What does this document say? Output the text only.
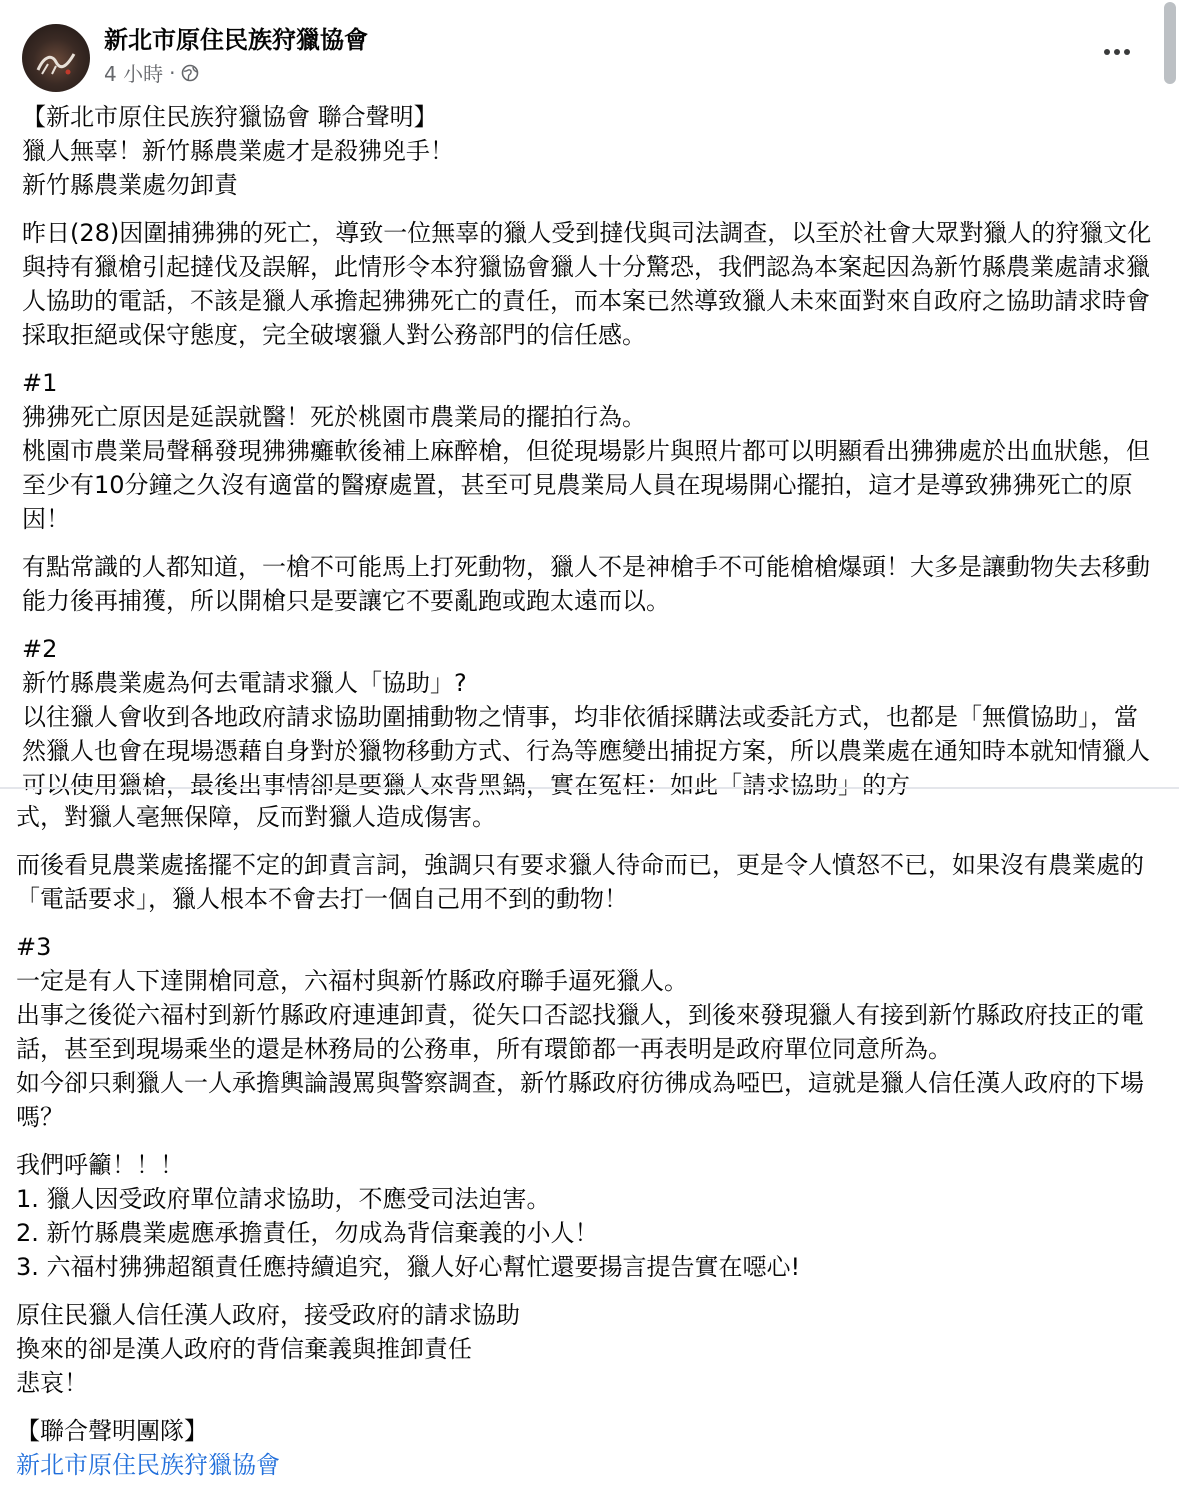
新北市原住民族狩獵協會
4 小時 ·

【新北市原住民族狩獵協會 聯合聲明】
獵人無辜！新竹縣農業處才是殺狒兇手！
新竹縣農業處勿卸責

昨日(28)因圍捕狒狒的死亡，導致一位無辜的獵人受到撻伐與司法調查，以至於社會大眾對獵人的狩獵文化與持有獵槍引起撻伐及誤解，此情形令本狩獵協會獵人十分驚恐，我們認為本案起因為新竹縣農業處請求獵人協助的電話，不該是獵人承擔起狒狒死亡的責任，而本案已然導致獵人未來面對來自政府之協助請求時會採取拒絕或保守態度，完全破壞獵人對公務部門的信任感。

#1
狒狒死亡原因是延誤就醫！死於桃園市農業局的擺拍行為。
桃園市農業局聲稱發現狒狒癱軟後補上麻醉槍，但從現場影片與照片都可以明顯看出狒狒處於出血狀態，但至少有10分鐘之久沒有適當的醫療處置，甚至可見農業局人員在現場開心擺拍，這才是導致狒狒死亡的原因！

有點常識的人都知道，一槍不可能馬上打死動物，獵人不是神槍手不可能槍槍爆頭！大多是讓動物失去移動能力後再捕獲，所以開槍只是要讓它不要亂跑或跑太遠而以。

#2
新竹縣農業處為何去電請求獵人「協助」?
以往獵人會收到各地政府請求協助圍捕動物之情事，均非依循採購法或委託方式，也都是「無償協助」，當然獵人也會在現場憑藉自身對於獵物移動方式、行為等應變出捕捉方案，所以農業處在通知時本就知情獵人可以使用獵槍，最後出事情卻是要獵人來背黑鍋，實在冤枉：如此「請求協助」的方

式，對獵人毫無保障，反而對獵人造成傷害。

而後看見農業處搖擺不定的卸責言詞，強調只有要求獵人待命而已，更是令人憤怒不已，如果沒有農業處的「電話要求」，獵人根本不會去打一個自己用不到的動物！

#3
一定是有人下達開槍同意，六福村與新竹縣政府聯手逼死獵人。
出事之後從六福村到新竹縣政府連連卸責，從矢口否認找獵人，到後來發現獵人有接到新竹縣政府技正的電話，甚至到現場乘坐的還是林務局的公務車，所有環節都一再表明是政府單位同意所為。
如今卻只剩獵人一人承擔輿論謾罵與警察調查，新竹縣政府彷彿成為啞巴，這就是獵人信任漢人政府的下場嗎？

我們呼籲！！！
1. 獵人因受政府單位請求協助，不應受司法迫害。
2. 新竹縣農業處應承擔責任，勿成為背信棄義的小人！
3. 六福村狒狒超額責任應持續追究，獵人好心幫忙還要揚言提告實在噁心!

原住民獵人信任漢人政府，接受政府的請求協助
換來的卻是漢人政府的背信棄義與推卸責任
悲哀！

【聯合聲明團隊】
新北市原住民族狩獵協會
